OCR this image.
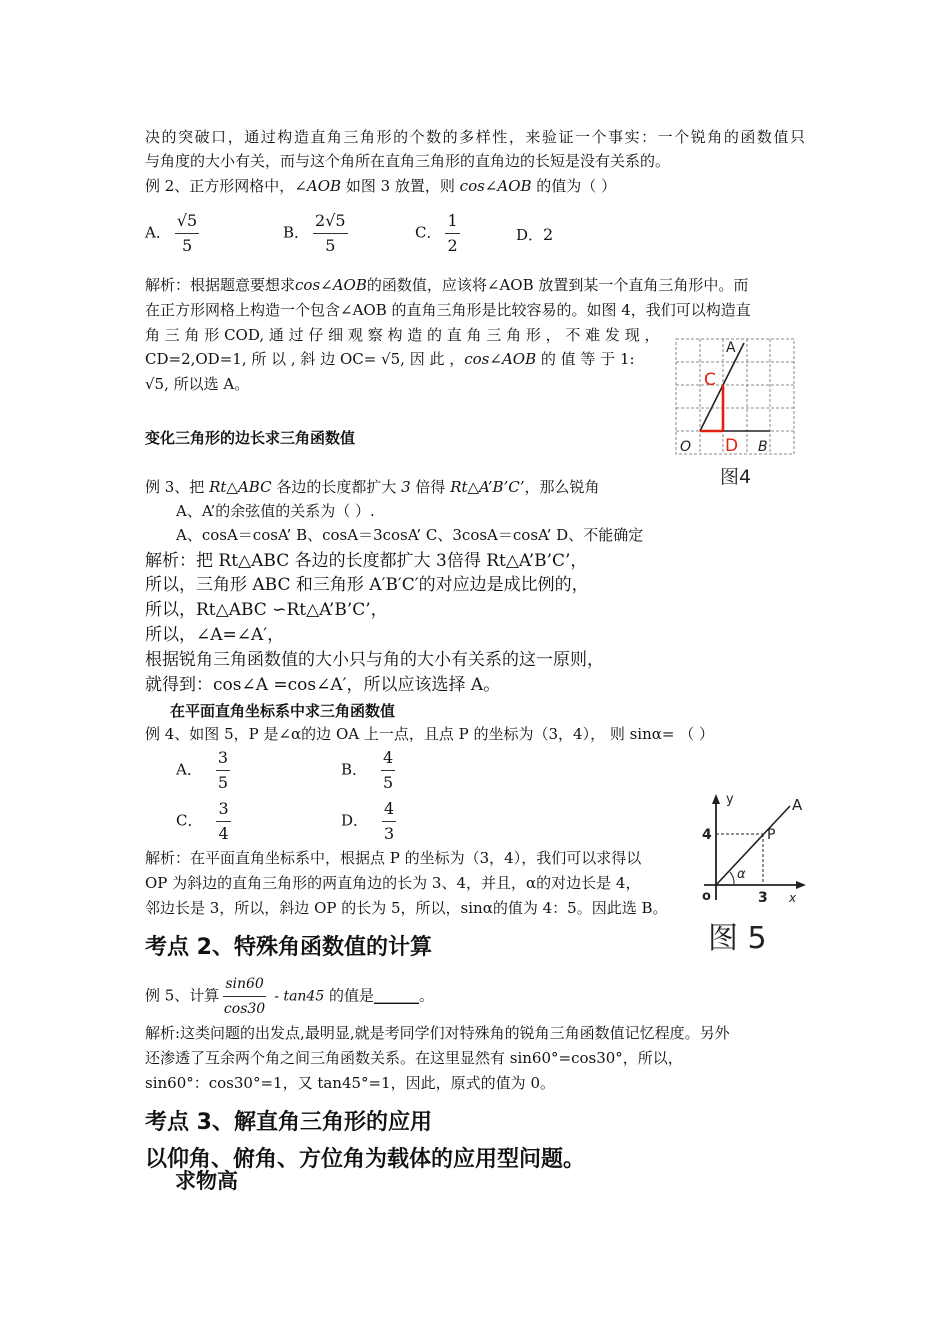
决的突破口，通过构造直角三角形的个数的多样性，来验证一个事实：一个锐角的函数值只
与角度的大小有关，而与这个角所在直角三角形的直角边的长短是没有关系的。
例 2、正方形网格中，∠AOB 如图 3 放置，则 cos∠AOB 的值为（ ）
A． $\frac{√5}{5}$	B． $\frac{2√5}{5}$	C． $\frac{1}{2}$	D．2
解析：根据题意要想求cos∠AOB的函数值，应该将∠AOB 放置到某一个直角三角形中。而
在正方形网格上构造一个包含∠AOB 的直角三角形是比较容易的。如图 4，我们可以构造直
角 三 角 形 COD, 通 过 仔 细 观 察 构 造 的 直 角 三 角 形 ， 不 难 发 现 ，
CD=2,OD=1, 所 以 , 斜 边 OC= √5, 因 此 ，cos∠AOB 的 值 等 于 1:
√5, 所以选 A。
A
C
O D B
图4
变化三角形的边长求三角函数值
例 3、把 Rt△ABC 各边的长度都扩大 3 倍得 Rt△A’B’C’，那么锐角
A、A’的余弦值的关系为（ ）.
A、cosA＝cosA’ B、cosA＝3cosA’ C、3cosA＝cosA’ D、不能确定
解析：把 Rt△ABC 各边的长度都扩大 3倍得 Rt△A’B’C’，
所以，三角形 ABC 和三角形 A′B′C′的对应边是成比例的，
所以，Rt△ABC ∽Rt△A’B’C’，
所以，∠A=∠A′，
根据锐角三角函数值的大小只与角的大小有关系的这一原则，
就得到：cos∠A =cos∠A′，所以应该选择 A。
在平面直角坐标系中求三角函数值
例 4、如图 5，P 是∠α的边 OA 上一点，且点 P 的坐标为（3，4）， 则 sinα= （ ）
A． $\frac{3}{5}$	B． $\frac{4}{5}$
C． $\frac{3}{4}$	D． $\frac{4}{3}$
解析：在平面直角坐标系中，根据点 P 的坐标为（3，4），我们可以求得以
OP 为斜边的直角三角形的两直角边的长为 3、4，并且，α的对边长是 4，
邻边长是 3，所以，斜边 OP 的长为 5，所以，sinα的值为 4：5。因此选 B。
y	A
4	P
α
o	3 x
图 5
考点 2、特殊角函数值的计算
例 5、计算 $\frac{\sin 60}{\cos 30} - \tan 45$ 的值是______。
解析:这类问题的出发点,最明显,就是考同学们对特殊角的锐角三角函数值记忆程度。另外
还渗透了互余两个角之间三角函数关系。在这里显然有 sin60°=cos30°，所以，
sin60°：cos30°=1，又 tan45°=1，因此，原式的值为 0。
考点 3、解直角三角形的应用
以仰角、俯角、方位角为载体的应用型问题。
求物高
